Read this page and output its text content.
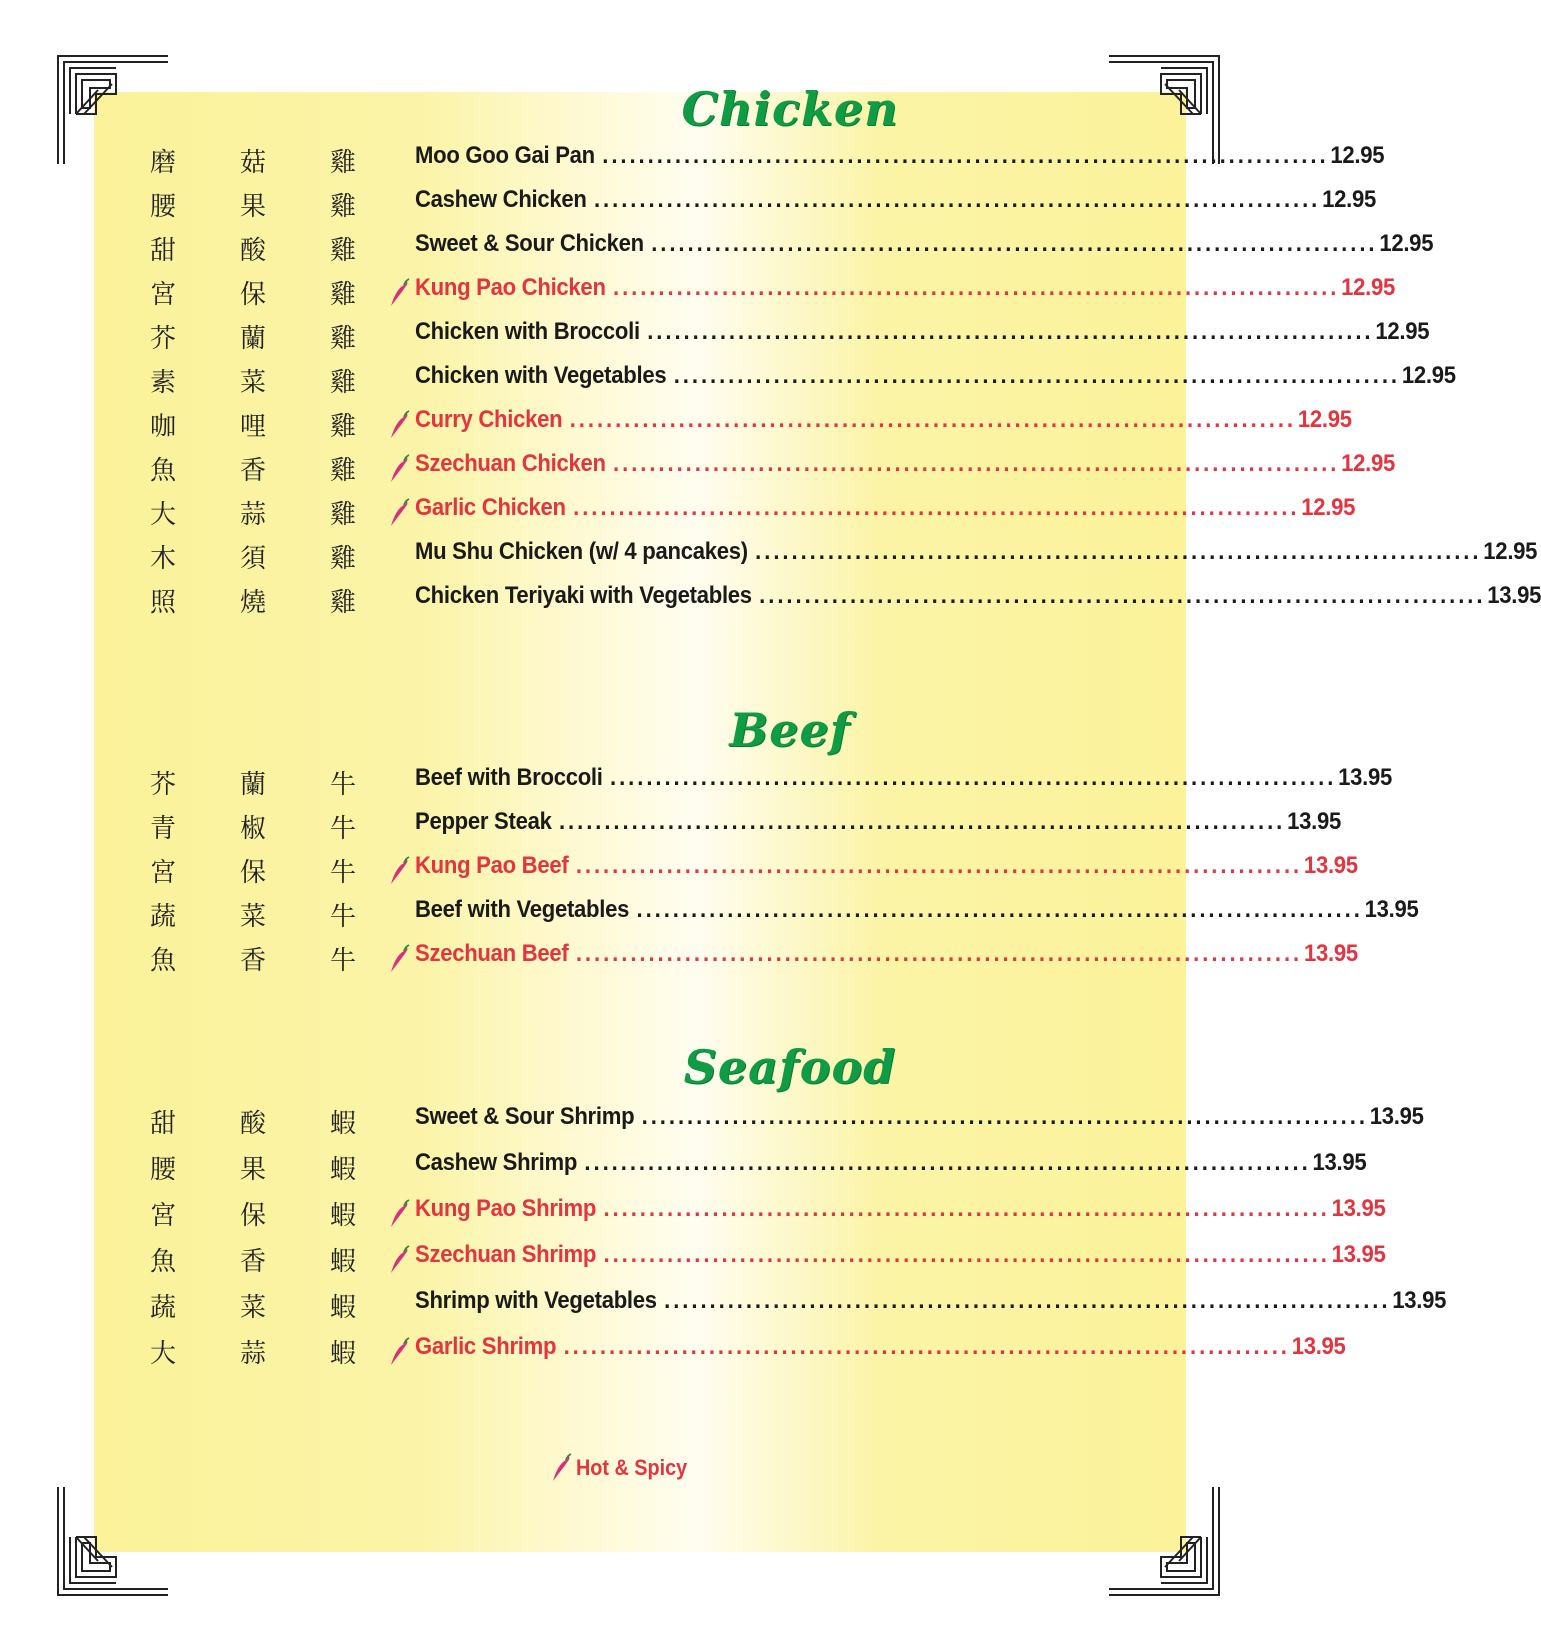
Chicken
磨 菇 雞 Moo Goo Gai Pan ................................................................................ 12.95
腰 果 雞 Cashew Chicken ................................................................................ 12.95
甜 酸 雞 Sweet & Sour Chicken ................................................................................ 12.95
宮 保 雞 Kung Pao Chicken ................................................................................ 12.95
芥 蘭 雞 Chicken with Broccoli ................................................................................ 12.95
素 菜 雞 Chicken with Vegetables ................................................................................ 12.95
咖 哩 雞 Curry Chicken ................................................................................ 12.95
魚 香 雞 Szechuan Chicken ................................................................................ 12.95
大 蒜 雞 Garlic Chicken ................................................................................ 12.95
木 須 雞 Mu Shu Chicken (w/ 4 pancakes) ................................................................................ 12.95
照 燒 雞 Chicken Teriyaki with Vegetables ................................................................................ 13.95
Beef
芥 蘭 牛 Beef with Broccoli ................................................................................ 13.95
青 椒 牛 Pepper Steak ................................................................................ 13.95
宮 保 牛 Kung Pao Beef ................................................................................ 13.95
蔬 菜 牛 Beef with Vegetables ................................................................................ 13.95
魚 香 牛 Szechuan Beef ................................................................................ 13.95
Seafood
甜 酸 蝦 Sweet & Sour Shrimp ................................................................................ 13.95
腰 果 蝦 Cashew Shrimp ................................................................................ 13.95
宮 保 蝦 Kung Pao Shrimp ................................................................................ 13.95
魚 香 蝦 Szechuan Shrimp ................................................................................ 13.95
蔬 菜 蝦 Shrimp with Vegetables ................................................................................ 13.95
大 蒜 蝦 Garlic Shrimp ................................................................................ 13.95
Hot & Spicy
